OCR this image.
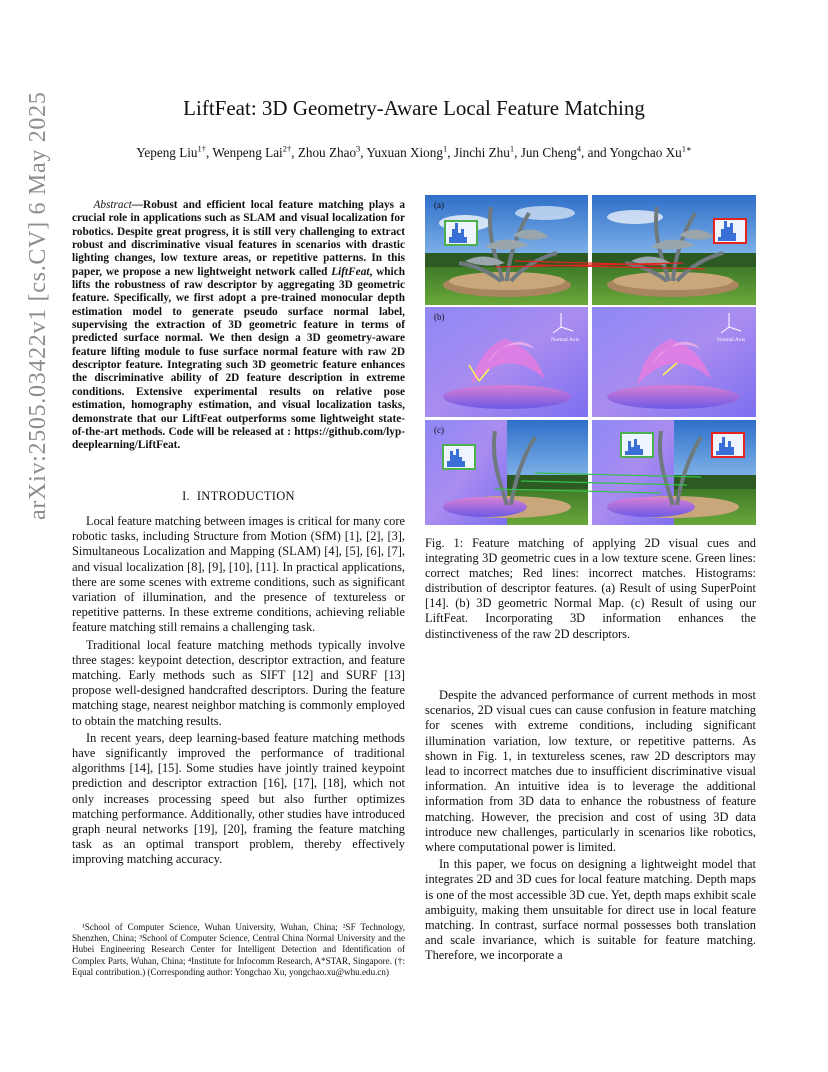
arXiv:2505.03422v1 [cs.CV] 6 May 2025	LiftFeat: 3D Geometry-Aware Local Feature Matching
Yepeng Liu$^{1\dagger}$, Wenpeng Lai$^{2\dagger}$, Zhou Zhao$^3$, Yuxuan Xiong$^1$, Jinchi Zhu$^1$, Jun Cheng$^4$, and Yongchao $Xu^{1∗}$

Abstract—Robust and efficient local feature matching plays a crucial role in applications such as SLAM and visual localization for robotics. Despite great progress, it is still very challenging to extract robust and discriminative visual features in scenarios with drastic lighting changes, low texture areas, or repetitive patterns. In this paper, we propose a new lightweight network called LiftFeat, which lifts the robustness of raw descriptor by aggregating 3D geometric feature. Specifically, we first adopt a pre-trained monocular depth estimation model to generate pseudo surface normal label, supervising the extraction of 3D geometric feature in terms of predicted surface normal. We then design a 3D geometry-aware feature lifting module to fuse surface normal feature with raw 2D descriptor feature. Integrating such 3D geometric feature enhances the discriminative ability of 2D feature description in extreme conditions. Extensive experimental results on relative pose estimation, homography estimation, and visual localization tasks, demonstrate that our LiftFeat outperforms some lightweight state-of-the-art methods. Code will be released at : https://github.com/lyp-deeplearning/LiftFeat.

I. INTRODUCTION

Local feature matching between images is critical for many core robotic tasks, including Structure from Motion (SfM) [1], [2], [3], Simultaneous Localization and Mapping (SLAM) [4], [5], [6], [7], and visual localization [8], [9], [10], [11]. In practical applications, there are some scenes with extreme conditions, such as significant variation of illumination, and the presence of textureless or repetitive patterns. In these extreme conditions, achieving reliable feature matching still remains a challenging task.

Traditional local feature matching methods typically involve three stages: keypoint detection, descriptor extraction, and feature matching. Early methods such as SIFT [12] and SURF [13] propose well-designed handcrafted descriptors. During the feature matching stage, nearest neighbor matching is commonly employed to obtain the matching results.

In recent years, deep learning-based feature matching methods have significantly improved the performance of traditional algorithms [14], [15]. Some studies have jointly trained keypoint prediction and descriptor extraction [16], [17], [18], which not only increases processing speed but also further optimizes matching performance. Additionally, other studies have introduced graph neural networks [19], [20], framing the feature matching task as an optimal transport problem, thereby effectively improving matching accuracy.

¹School of Computer Science, Wuhan University, Wuhan, China; ²SF Technology, Shenzhen, China; ³School of Computer Science, Central China Normal University and the Hubei Engineering Research Center for Intelligent Detection and Identification of Complex Parts, Wuhan, China; ⁴Institute for Infocomm Research, A*STAR, Singapore. (†: Equal contribution.) (Corresponding author: Yongchao Xu, yongchao.xu@whu.edu.cn)

(a)
Normal Axis	Normal Axis
(b)
(c)

Fig. 1: Feature matching of applying 2D visual cues and integrating 3D geometric cues in a low texture scene. Green lines: correct matches; Red lines: incorrect matches. Histograms: distribution of descriptor features. (a) Result of using SuperPoint [14]. (b) 3D geometric Normal Map. (c) Result of using our LiftFeat. Incorporating 3D information enhances the distinctiveness of the raw 2D descriptors.

Despite the advanced performance of current methods in most scenarios, 2D visual cues can cause confusion in feature matching for scenes with extreme conditions, including significant illumination variation, low texture, or repetitive patterns. As shown in Fig. 1, in textureless scenes, raw 2D descriptors may lead to incorrect matches due to insufficient discriminative visual information. An intuitive idea is to leverage the additional information from 3D data to enhance the robustness of feature matching. However, the precision and cost of using 3D data introduce new challenges, particularly in scenarios like robotics, where computational power is limited.

In this paper, we focus on designing a lightweight model that integrates 2D and 3D cues for local feature matching. Depth maps is one of the most accessible 3D cue. Yet, depth maps exhibit scale ambiguity, making them unsuitable for direct use in local feature matching. In contrast, surface normal possesses both translation and scale invariance, which is suitable for feature matching. Therefore, we incorporate a
